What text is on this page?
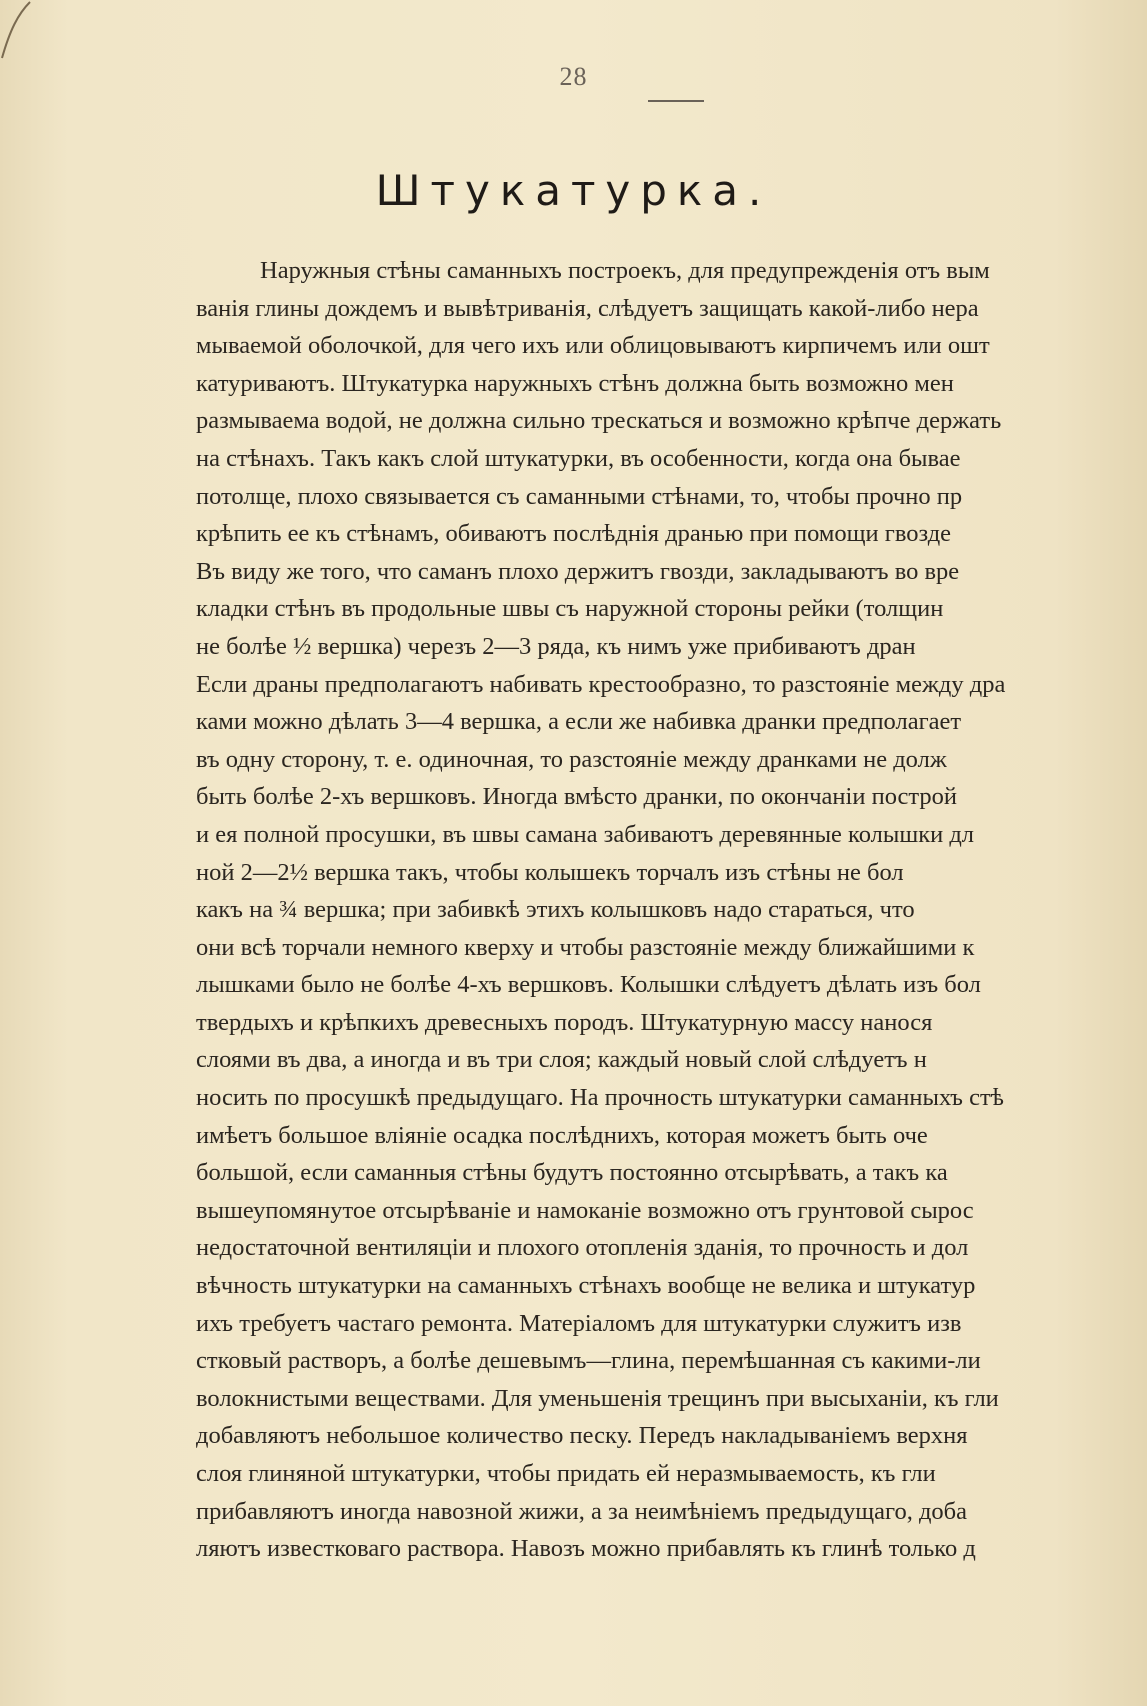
28
Штукатурка.
Наружныя стѣны саманныхъ построекъ, для предупрежденія отъ вым
ванія глины дождемъ и вывѣтриванія, слѣдуетъ защищать какой-либо нера
мываемой оболочкой, для чего ихъ или облицовываютъ кирпичемъ или ошт
катуриваютъ. Штукатурка наружныхъ стѣнъ должна быть возможно мен
размываема водой, не должна сильно трескаться и возможно крѣпче держать
на стѣнахъ. Такъ какъ слой штукатурки, въ особенности, когда она бывае
потолще, плохо связывается съ саманными стѣнами, то, чтобы прочно пр
крѣпить ее къ стѣнамъ, обиваютъ послѣднія дранью при помощи гвозде
Въ виду же того, что саманъ плохо держитъ гвозди, закладываютъ во вре
кладки стѣнъ въ продольные швы съ наружной стороны рейки (толщин
не болѣе ½ вершка) черезъ 2—3 ряда, къ нимъ уже прибиваютъ дран
Если драны предполагаютъ набивать крестообразно, то разстояніе между дра
ками можно дѣлать 3—4 вершка, а если же набивка дранки предполагает
въ одну сторону, т. е. одиночная, то разстояніе между дранками не долж
быть болѣе 2-хъ вершковъ. Иногда вмѣсто дранки, по окончаніи построй
и ея полной просушки, въ швы самана забиваютъ деревянные колышки дл
ной 2—2½ вершка такъ, чтобы колышекъ торчалъ изъ стѣны не бол
какъ на ¾ вершка; при забивкѣ этихъ колышковъ надо стараться, что
они всѣ торчали немного кверху и чтобы разстояніе между ближайшими к
лышками было не болѣе 4-хъ вершковъ. Колышки слѣдуетъ дѣлать изъ бол
твердыхъ и крѣпкихъ древесныхъ породъ. Штукатурную массу нанося
слоями въ два, а иногда и въ три слоя; каждый новый слой слѣдуетъ н
носить по просушкѣ предыдущаго. На прочность штукатурки саманныхъ стѣ
имѣетъ большое вліяніе осадка послѣднихъ, которая можетъ быть оче
большой, если саманныя стѣны будутъ постоянно отсырѣвать, а такъ ка
вышеупомянутое отсырѣваніе и намоканіе возможно отъ грунтовой сырос
недостаточной вентиляціи и плохого отопленія зданія, то прочность и дол
вѣчность штукатурки на саманныхъ стѣнахъ вообще не велика и штукатур
ихъ требуетъ частаго ремонта. Матеріаломъ для штукатурки служитъ изв
стковый растворъ, а болѣе дешевымъ—глина, перемѣшанная съ какими-ли
волокнистыми веществами. Для уменьшенія трещинъ при высыханіи, къ гли
добавляютъ небольшое количество песку. Передъ накладываніемъ верхня
слоя глиняной штукатурки, чтобы придать ей неразмываемость, къ гли
прибавляютъ иногда навозной жижи, а за неимѣніемъ предыдущаго, доба
ляютъ известковаго раствора. Навозъ можно прибавлять къ глинѣ только д
